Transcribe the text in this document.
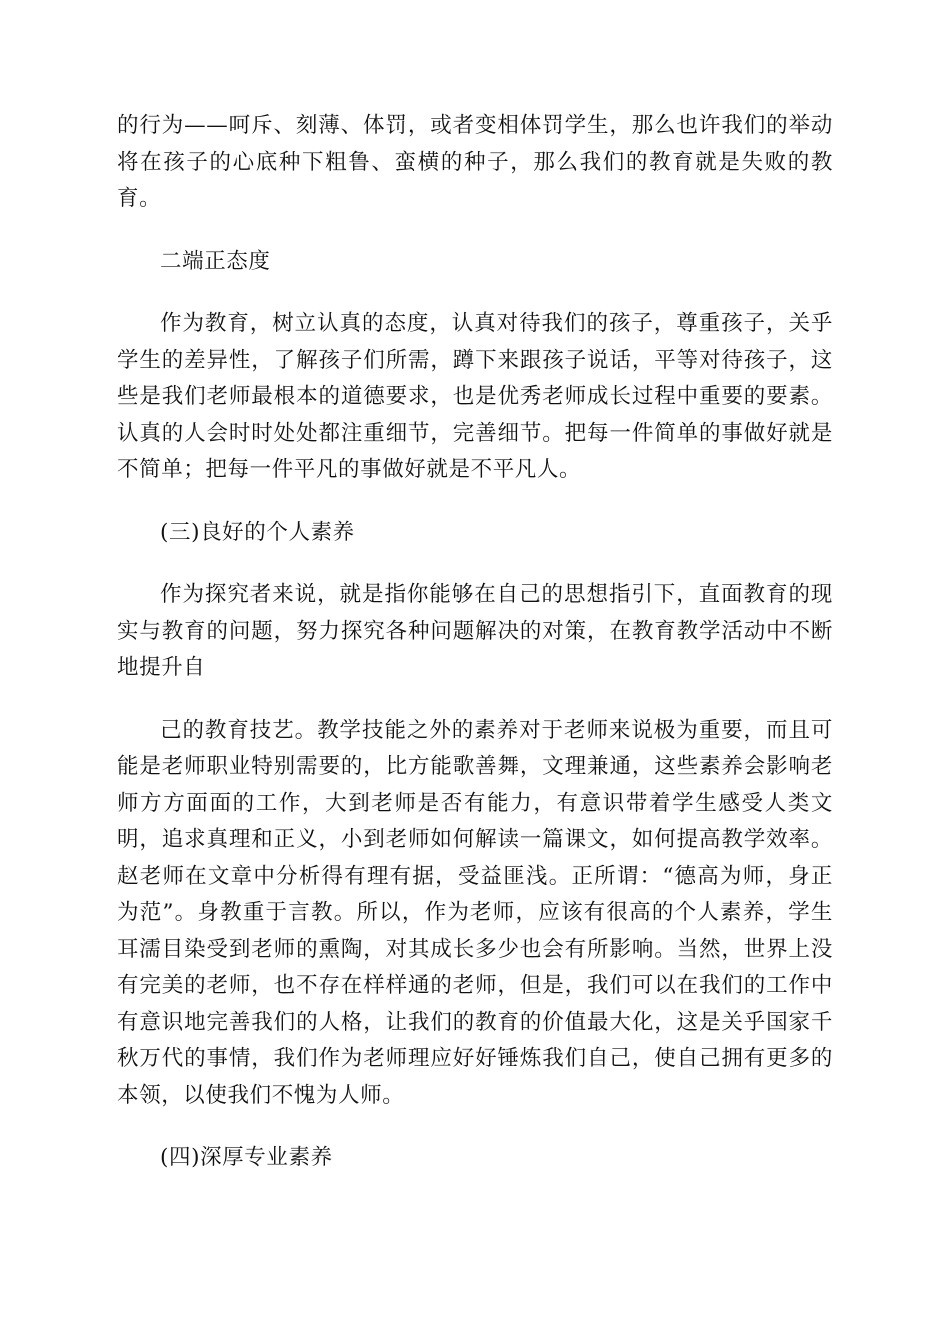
的行为——呵斥、刻薄、体罚，或者变相体罚学生，那么也许我们的举动将在孩子的心底种下粗鲁、蛮横的种子，那么我们的教育就是失败的教育。

二端正态度

作为教育，树立认真的态度，认真对待我们的孩子，尊重孩子，关乎学生的差异性，了解孩子们所需，蹲下来跟孩子说话，平等对待孩子，这些是我们老师最根本的道德要求，也是优秀老师成长过程中重要的要素。认真的人会时时处处都注重细节，完善细节。把每一件简单的事做好就是不简单；把每一件平凡的事做好就是不平凡人。

(三)良好的个人素养

作为探究者来说，就是指你能够在自己的思想指引下，直面教育的现实与教育的问题，努力探究各种问题解决的对策，在教育教学活动中不断地提升自

己的教育技艺。教学技能之外的素养对于老师来说极为重要，而且可能是老师职业特别需要的，比方能歌善舞，文理兼通，这些素养会影响老师方方面面的工作，大到老师是否有能力，有意识带着学生感受人类文明，追求真理和正义，小到老师如何解读一篇课文，如何提高教学效率。赵老师在文章中分析得有理有据，受益匪浅。正所谓：“德高为师，身正为范”。身教重于言教。所以，作为老师，应该有很高的个人素养，学生耳濡目染受到老师的熏陶，对其成长多少也会有所影响。当然，世界上没有完美的老师，也不存在样样通的老师，但是，我们可以在我们的工作中有意识地完善我们的人格，让我们的教育的价值最大化，这是关乎国家千秋万代的事情，我们作为老师理应好好锤炼我们自己，使自己拥有更多的本领，以使我们不愧为人师。

(四)深厚专业素养
